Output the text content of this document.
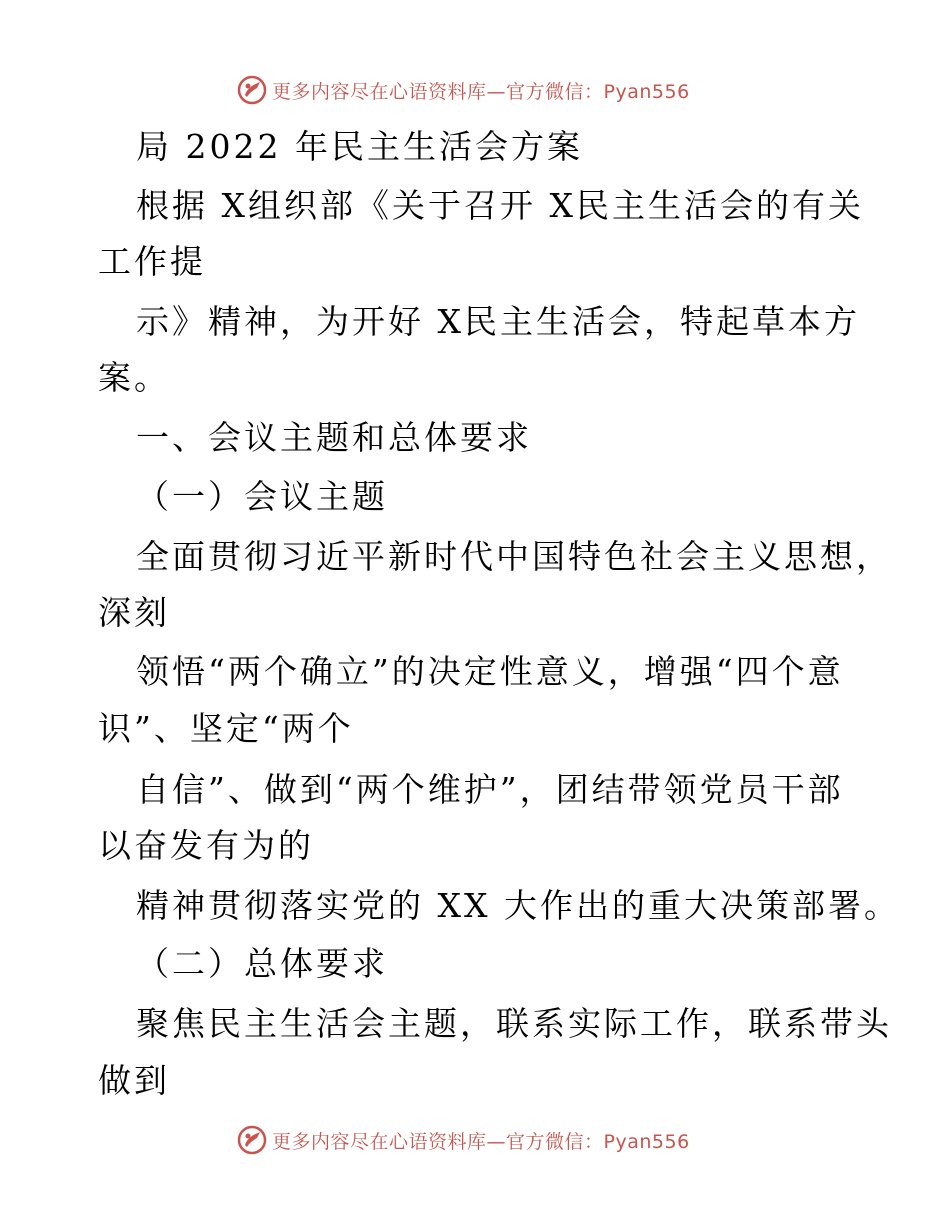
更多内容尽在心语资料库—官方微信：Pyan556
局 2022 年民主生活会方案
根据 X组织部《关于召开 X民主生活会的有关
工作提
示》精神，为开好 X民主生活会，特起草本方
案。
一、会议主题和总体要求
（一）会议主题
全面贯彻习近平新时代中国特色社会主义思想，
深刻
领悟“两个确立”的决定性意义，增强“四个意
识”、坚定“两个
自信”、做到“两个维护”，团结带领党员干部
以奋发有为的
精神贯彻落实党的 XX 大作出的重大决策部署。
（二）总体要求
聚焦民主生活会主题，联系实际工作，联系带头
做到
更多内容尽在心语资料库—官方微信：Pyan556
